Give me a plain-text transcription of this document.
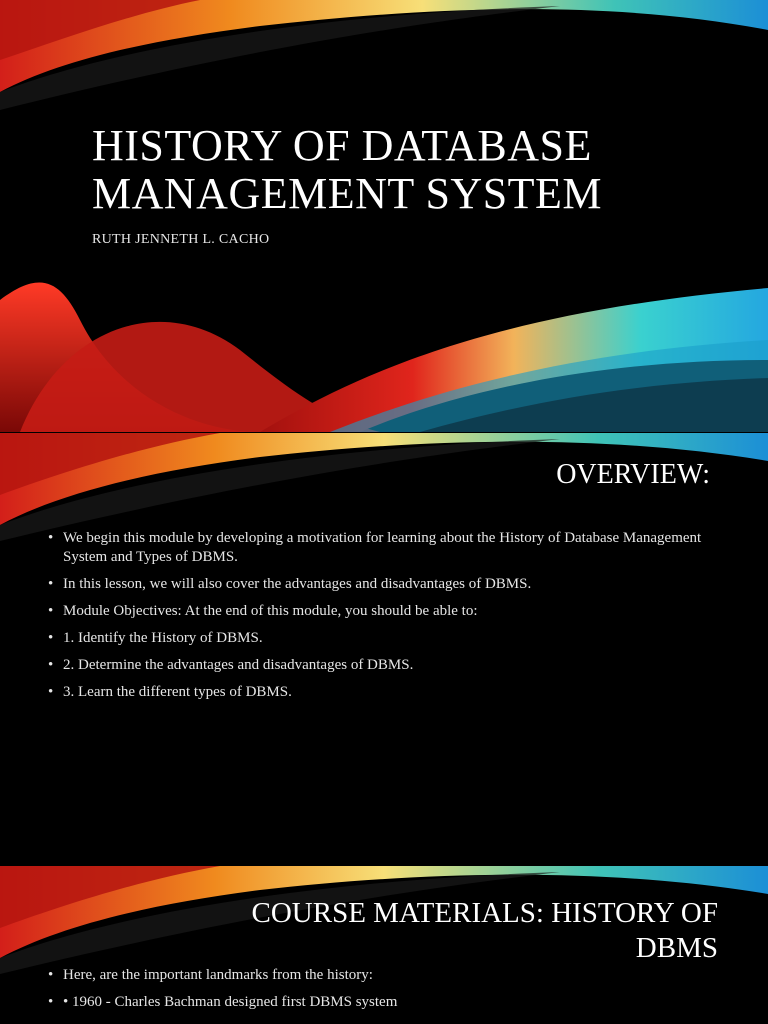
HISTORY OF DATABASE
MANAGEMENT SYSTEM

RUTH JENNETH L. CACHO

OVERVIEW:
• We begin this module by developing a motivation for learning about the History of Database Management System and Types of DBMS.
• In this lesson, we will also cover the advantages and disadvantages of DBMS.
• Module Objectives: At the end of this module, you should be able to:
• 1. Identify the History of DBMS.
• 2. Determine the advantages and disadvantages of DBMS.
• 3. Learn the different types of DBMS.
COURSE MATERIALS: HISTORY OF
DBMS
• Here, are the important landmarks from the history:
• • 1960 - Charles Bachman designed first DBMS system
